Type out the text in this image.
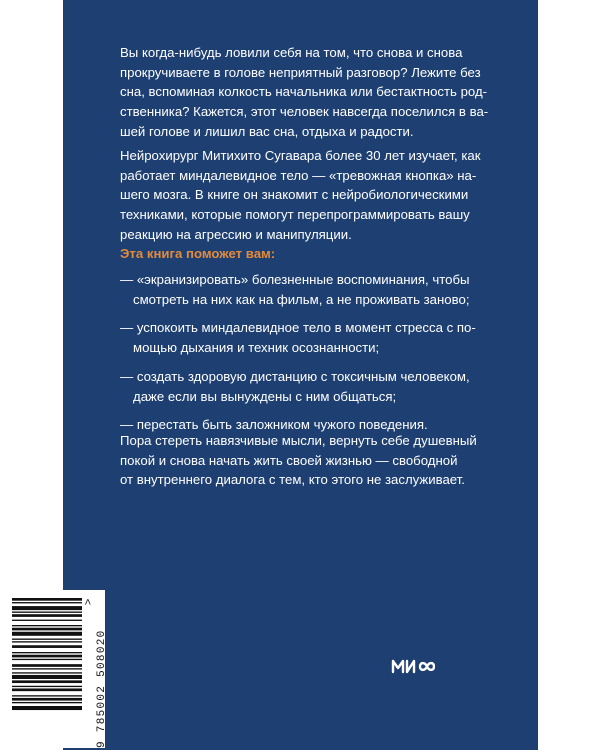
Вы когда-нибудь ловили себя на том, что снова и снова

прокручиваете в голове неприятный разговор? Лежите без

сна, вспоминая колкость начальника или бестактность род-

ственника? Кажется, этот человек навсегда поселился в ва-

шей голове и лишил вас сна, отдыха и радости.

Нейрохирург Митихито Сугавара более 30 лет изучает, как

работает миндалевидное тело — «тревожная кнопка» на-

шего мозга. В книге он знакомит с нейробиологическими

техниками, которые помогут перепрограммировать вашу

реакцию на агрессию и манипуляции.

Эта книга поможет вам:
— «экранизировать» болезненные воспоминания, чтобы
смотреть на них как на фильм, а не проживать заново;
— успокоить миндалевидное тело в момент стресса с по-
мощью дыхания и техник осознанности;
— создать здоровую дистанцию с токсичным человеком,
даже если вы вынуждены с ним общаться;
— перестать быть заложником чужого поведения.

Пора стереть навязчивые мысли, вернуть себе душевный

покой и снова начать жить своей жизнью — свободной

от внутреннего диалога с тем, кто этого не заслуживает.

9 785002 508020
>
